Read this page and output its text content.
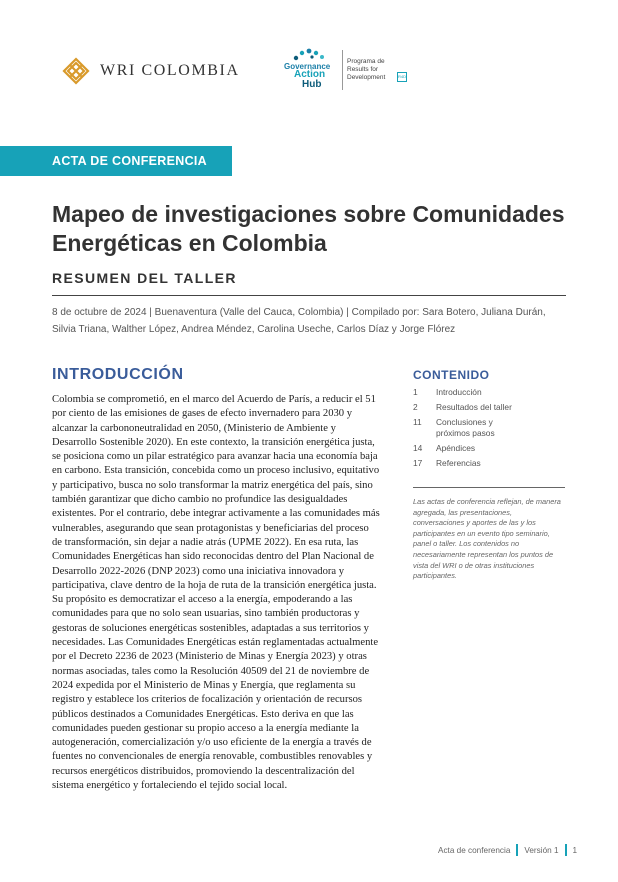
WRI COLOMBIA	Governance
Action
Hub
Programa de Results for Development	R4D
ACTA DE CONFERENCIA
Mapeo de investigaciones sobre Comunidades Energéticas en Colombia
RESUMEN DEL TALLER

8 de octubre de 2024 | Buenaventura (Valle del Cauca, Colombia) | Compilado por: Sara Botero, Juliana Durán, Silvia Triana, Walther López, Andrea Méndez, Carolina Useche, Carlos Díaz y Jorge Flórez

INTRODUCCIÓN

Colombia se comprometió, en el marco del Acuerdo de París, a reducir el 51 por ciento de las emisiones de gases de efecto invernadero para 2030 y alcanzar la carbononeutralidad en 2050, (Ministerio de Ambiente y Desarrollo Sostenible 2020). En este contexto, la transición energética justa, se posiciona como un pilar estratégico para avanzar hacia una economía baja en carbono. Esta transición, concebida como un proceso inclusivo, equitativo y participativo, busca no solo transformar la matriz energética del país, sino también garantizar que dicho cambio no profundice las desigualdades existentes. Por el contrario, debe integrar activamente a las comunidades más vulnerables, asegurando que sean protagonistas y beneficiarias del proceso de transformación, sin dejar a nadie atrás (UPME 2022). En esa ruta, las Comunidades Energéticas han sido reconocidas dentro del Plan Nacional de Desarrollo 2022-2026 (DNP 2023) como una iniciativa innovadora y participativa, clave dentro de la hoja de ruta de la transición energética justa. Su propósito es democratizar el acceso a la energía, empoderando a las comunidades para que no solo sean usuarias, sino también productoras y gestoras de soluciones energéticas sostenibles, adaptadas a sus territorios y necesidades. Las Comunidades Energéticas están reglamentadas actualmente por el Decreto 2236 de 2023 (Ministerio de Minas y Energía 2023) y otras normas asociadas, tales como la Resolución 40509 del 21 de noviembre de 2024 expedida por el Ministerio de Minas y Energía, que reglamenta su registro y establece los criterios de focalización y orientación de recursos públicos destinados a Comunidades Energéticas. Esto deriva en que las comunidades pueden gestionar su propio acceso a la energía mediante la autogeneración, comercialización y/o uso eficiente de la energía a través de fuentes no convencionales de energía renovable, combustibles renovables y recursos energéticos distribuidos, promoviendo la descentralización del sistema energético y fortaleciendo el tejido social local.

CONTENIDO
1	Introducción
2	Resultados del taller
11	Conclusiones y próximos pasos
14	Apéndices
17	Referencias

Las actas de conferencia reflejan, de manera agregada, las presentaciones, conversaciones y aportes de las y los participantes en un evento tipo seminario, panel o taller. Los contenidos no necesariamente representan los puntos de vista del WRI o de otras instituciones participantes.

Acta de conferencia Versión 1 1
